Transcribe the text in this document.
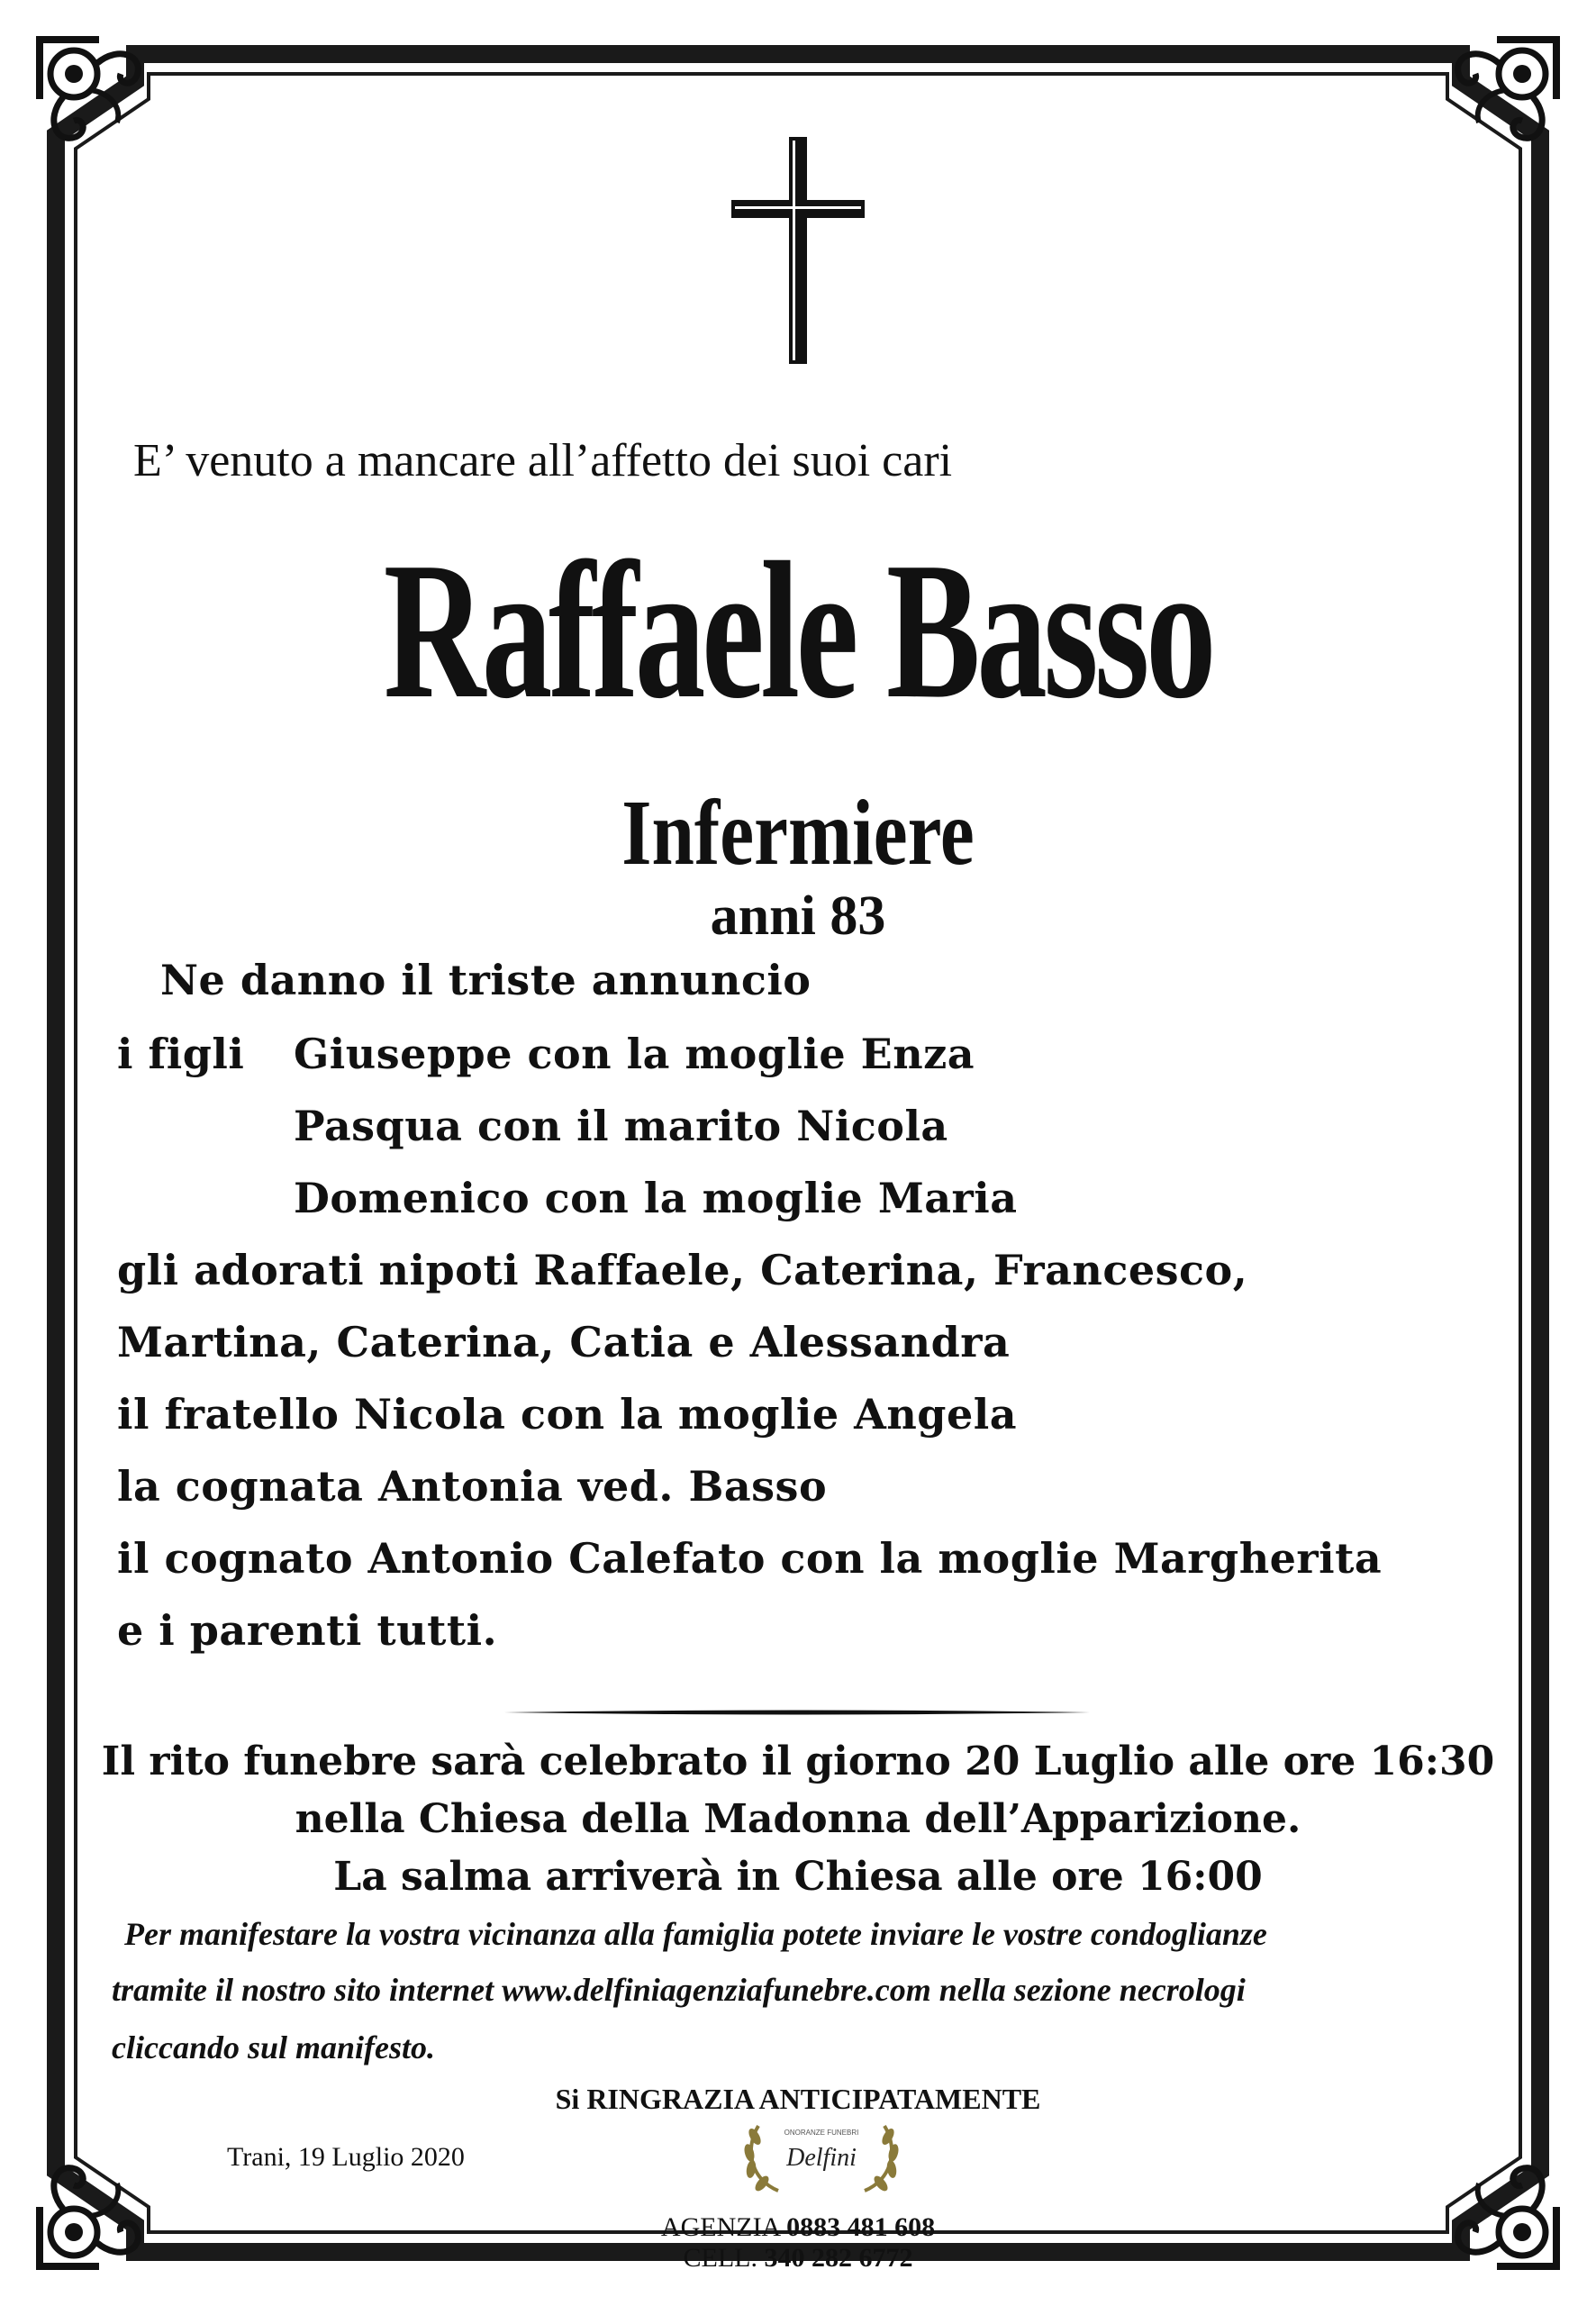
E’ venuto a mancare all’affetto dei suoi cari
Raffaele Basso
Infermiere
anni 83
Ne danno il triste annuncio
i figli Giuseppe con la moglie Enza
Pasqua con il marito Nicola
Domenico con la moglie Maria
gli adorati nipoti Raffaele, Caterina, Francesco,
Martina, Caterina, Catia e Alessandra
il fratello Nicola con la moglie Angela
la cognata Antonia ved. Basso
il cognato Antonio Calefato con la moglie Margherita
e i parenti tutti.
Il rito funebre sarà celebrato il giorno 20 Luglio alle ore 16:30
nella Chiesa della Madonna dell’Apparizione.
La salma arriverà in Chiesa alle ore 16:00
Per manifestare la vostra vicinanza alla famiglia potete inviare le vostre condoglianze
tramite il nostro sito internet www.delfiniagenziafunebre.com nella sezione necrologi
cliccando sul manifesto.
Si RINGRAZIA ANTICIPATAMENTE
Trani, 19 Luglio 2020
ONORANZE FUNEBRI
Delfini
AGENZIA 0883 481 608
CELL. 340 282 6772
